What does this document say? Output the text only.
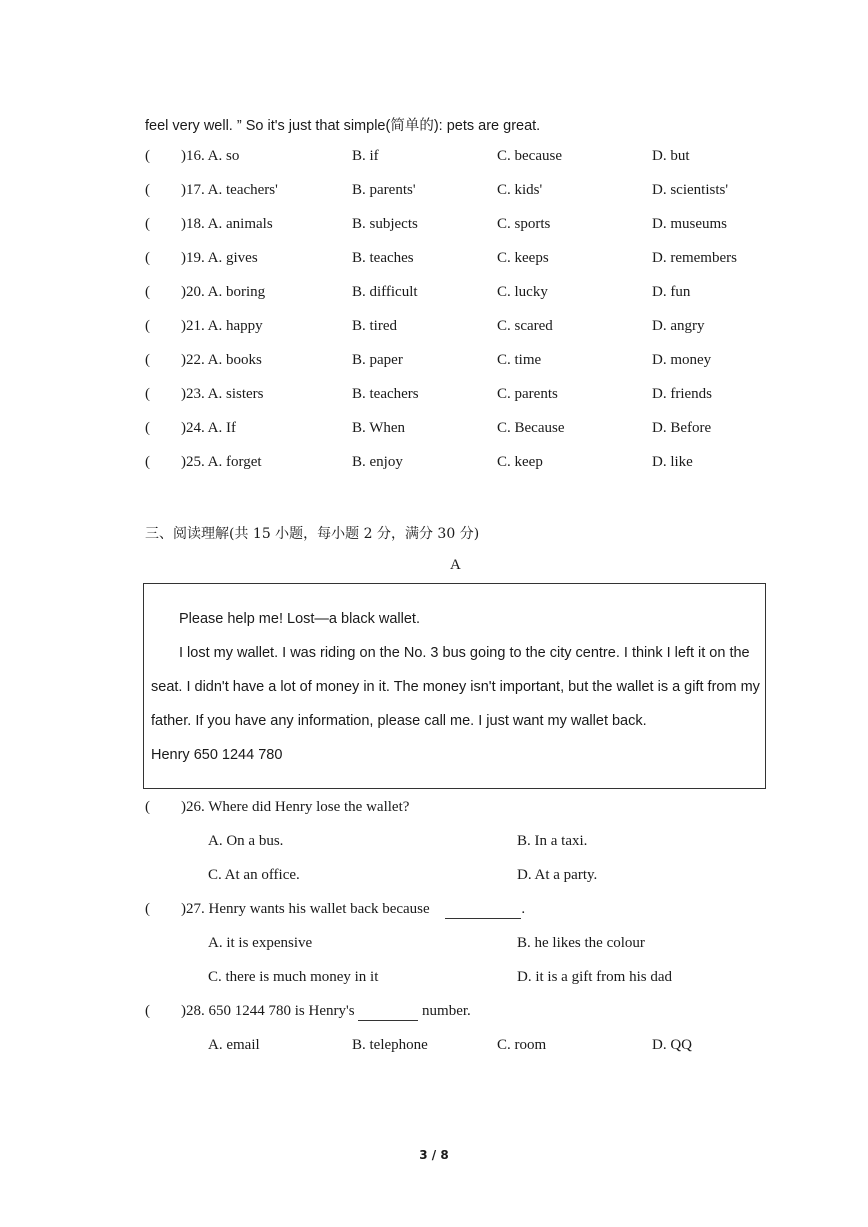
feel very well. ” So it's just that simple(简单的): pets are great.
( )16. A. so	B. if	C. because	D. but
( )17. A. teachers'	B. parents'	C. kids'	D. scientists'
( )18. A. animals	B. subjects	C. sports	D. museums
( )19. A. gives	B. teaches	C. keeps	D. remembers
( )20. A. boring	B. difficult	C. lucky	D. fun
( )21. A. happy	B. tired	C. scared	D. angry
( )22. A. books	B. paper	C. time	D. money
( )23. A. sisters	B. teachers	C. parents	D. friends
( )24. A. If	B. When	C. Because	D. Before
( )25. A. forget	B. enjoy	C. keep	D. like
三、阅读理解(共 15 小题，每小题 2 分，满分 30 分)
A

Please help me! Lost—a black wallet.

I lost my wallet. I was riding on the No. 3 bus going to the city centre. I think I left it on the

seat. I didn't have a lot of money in it. The money isn't important, but the wallet is a gift from my

father. If you have any information, please call me. I just want my wallet back.

Henry 650 1244 780

( )26. Where did Henry lose the wallet?
A. On a bus.	B. In a taxi.
C. At an office.	D. At a party.
( )27. Henry wants his wallet back because	.
A. it is expensive	B. he likes the colour
C. there is much money in it	D. it is a gift from his dad
( )28. 650 1244 780 is Henry's	number.
A. email	B. telephone	C. room	D. QQ
3 / 8
